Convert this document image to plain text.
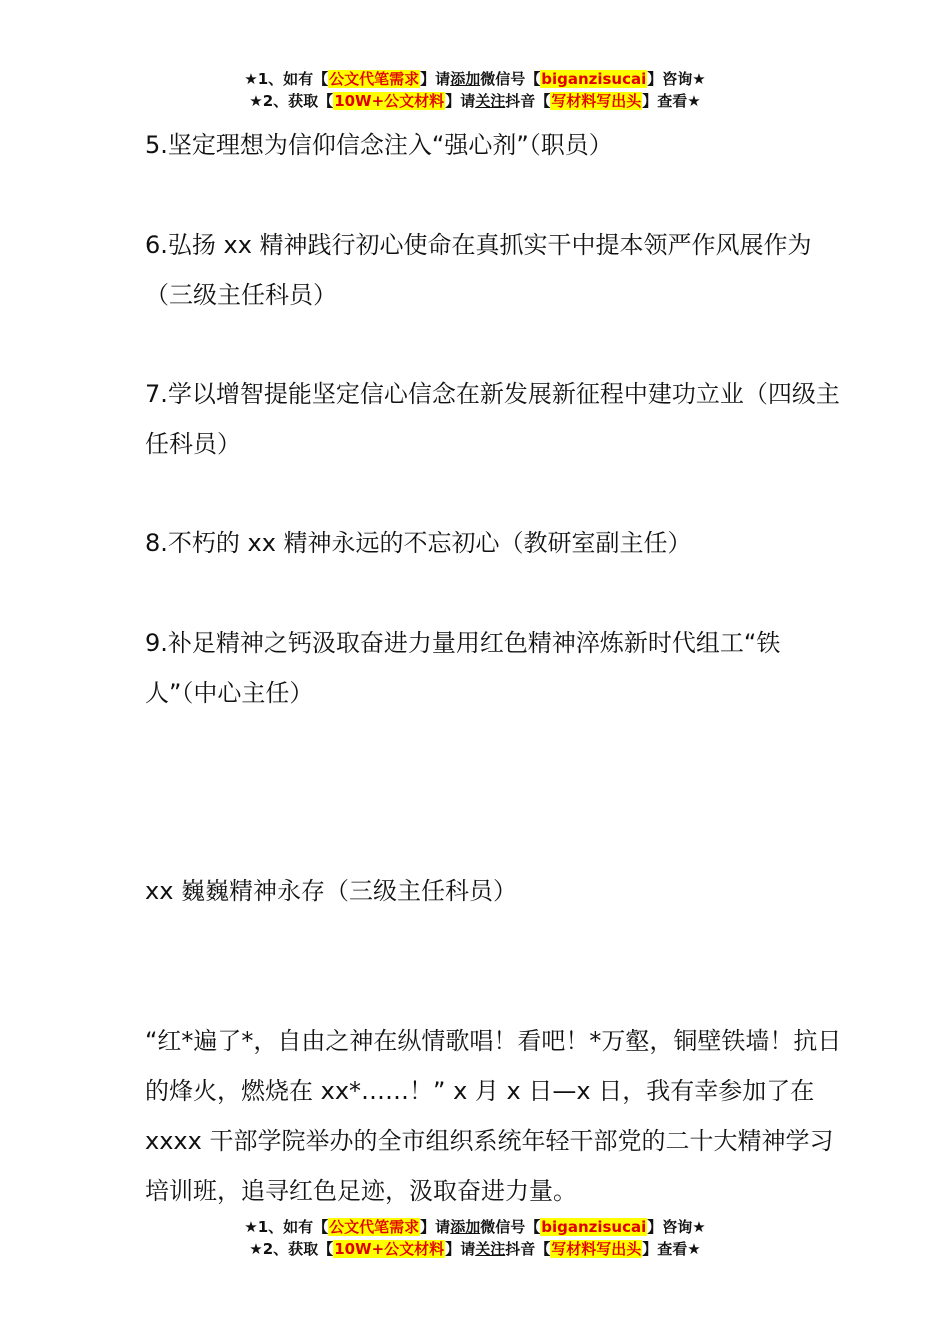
★1、如有【公文代笔需求】请添加微信号【biganzisucai】咨询★
★2、获取【10W+公文材料】请关注抖音【写材料写出头】查看★

5.坚定理想为信仰信念注入“强心剂”（职员）

6.弘扬 xx 精神践行初心使命在真抓实干中提本领严作风展作为（三级主任科员）

7.学以增智提能坚定信心信念在新发展新征程中建功立业（四级主任科员）

8.不朽的 xx 精神永远的不忘初心（教研室副主任）

9.补足精神之钙汲取奋进力量用红色精神淬炼新时代组工“铁人”（中心主任）

xx 巍巍精神永存（三级主任科员）

“红*遍了*，自由之神在纵情歌唱！看吧！*万壑，铜壁铁墙！抗日的烽火，燃烧在 xx*……！” x 月 x 日—x 日，我有幸参加了在 xxxx 干部学院举办的全市组织系统年轻干部党的二十大精神学习培训班，追寻红色足迹，汲取奋进力量。

★1、如有【公文代笔需求】请添加微信号【biganzisucai】咨询★
★2、获取【10W+公文材料】请关注抖音【写材料写出头】查看★
